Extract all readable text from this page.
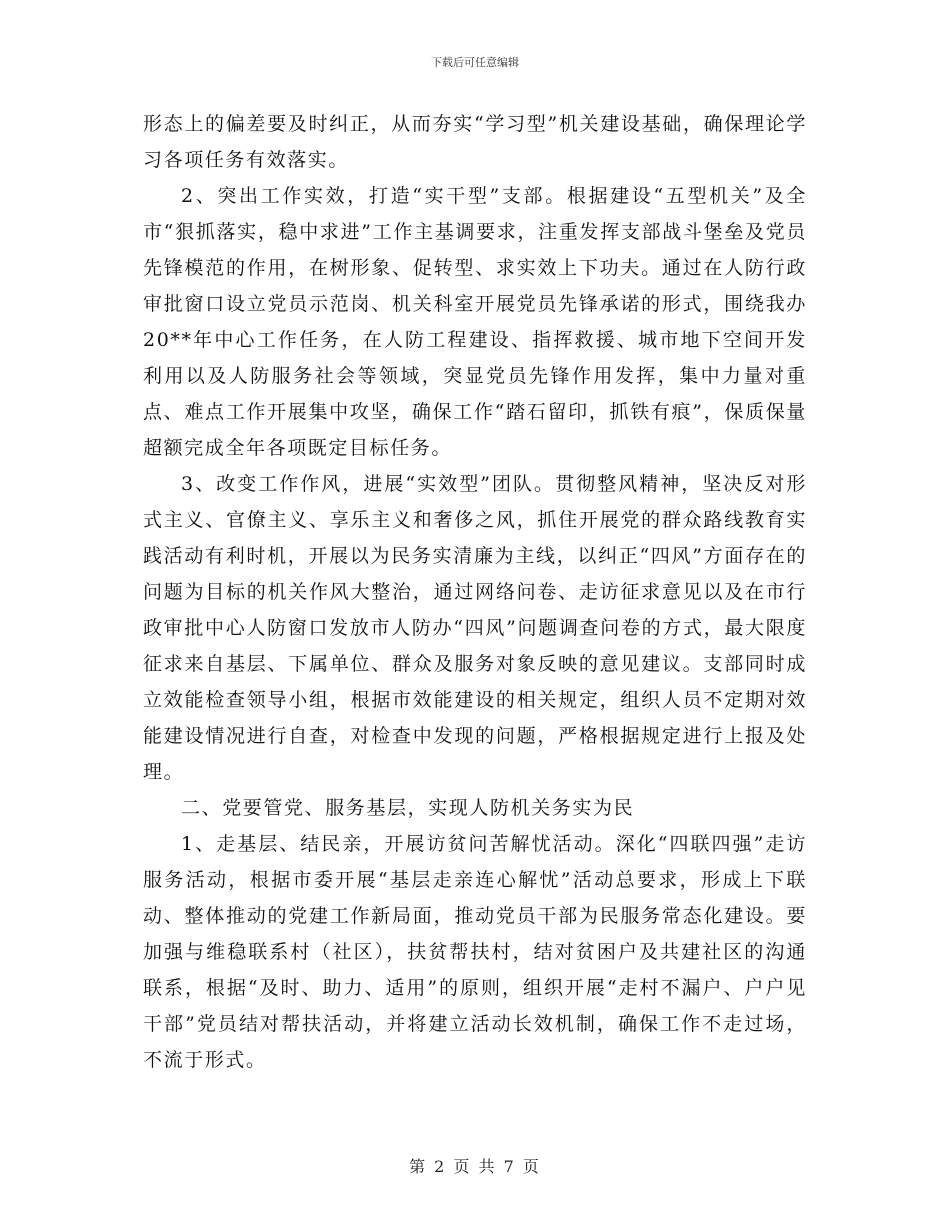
下载后可任意编辑

形态上的偏差要及时纠正，从而夯实“学习型”机关建设基础，确保理论学习各项任务有效落实。

2、突出工作实效，打造“实干型”支部。根据建设“五型机关”及全市“狠抓落实，稳中求进”工作主基调要求，注重发挥支部战斗堡垒及党员先锋模范的作用，在树形象、促转型、求实效上下功夫。通过在人防行政审批窗口设立党员示范岗、机关科室开展党员先锋承诺的形式，围绕我办20**年中心工作任务，在人防工程建设、指挥救援、城市地下空间开发利用以及人防服务社会等领域，突显党员先锋作用发挥，集中力量对重点、难点工作开展集中攻坚，确保工作“踏石留印，抓铁有痕”，保质保量超额完成全年各项既定目标任务。

3、改变工作作风，进展“实效型”团队。贯彻整风精神，坚决反对形式主义、官僚主义、享乐主义和奢侈之风，抓住开展党的群众路线教育实践活动有利时机，开展以为民务实清廉为主线，以纠正“四风”方面存在的问题为目标的机关作风大整治，通过网络问卷、走访征求意见以及在市行政审批中心人防窗口发放市人防办“四风”问题调查问卷的方式，最大限度征求来自基层、下属单位、群众及服务对象反映的意见建议。支部同时成立效能检查领导小组，根据市效能建设的相关规定，组织人员不定期对效能建设情况进行自查，对检查中发现的问题，严格根据规定进行上报及处理。

二、党要管党、服务基层，实现人防机关务实为民

1、走基层、结民亲，开展访贫问苦解忧活动。深化“四联四强”走访服务活动，根据市委开展“基层走亲连心解忧”活动总要求，形成上下联动、整体推动的党建工作新局面，推动党员干部为民服务常态化建设。要加强与维稳联系村（社区），扶贫帮扶村，结对贫困户及共建社区的沟通联系，根据“及时、助力、适用”的原则，组织开展“走村不漏户、户户见干部”党员结对帮扶活动，并将建立活动长效机制，确保工作不走过场，不流于形式。

第 2 页 共 7 页
